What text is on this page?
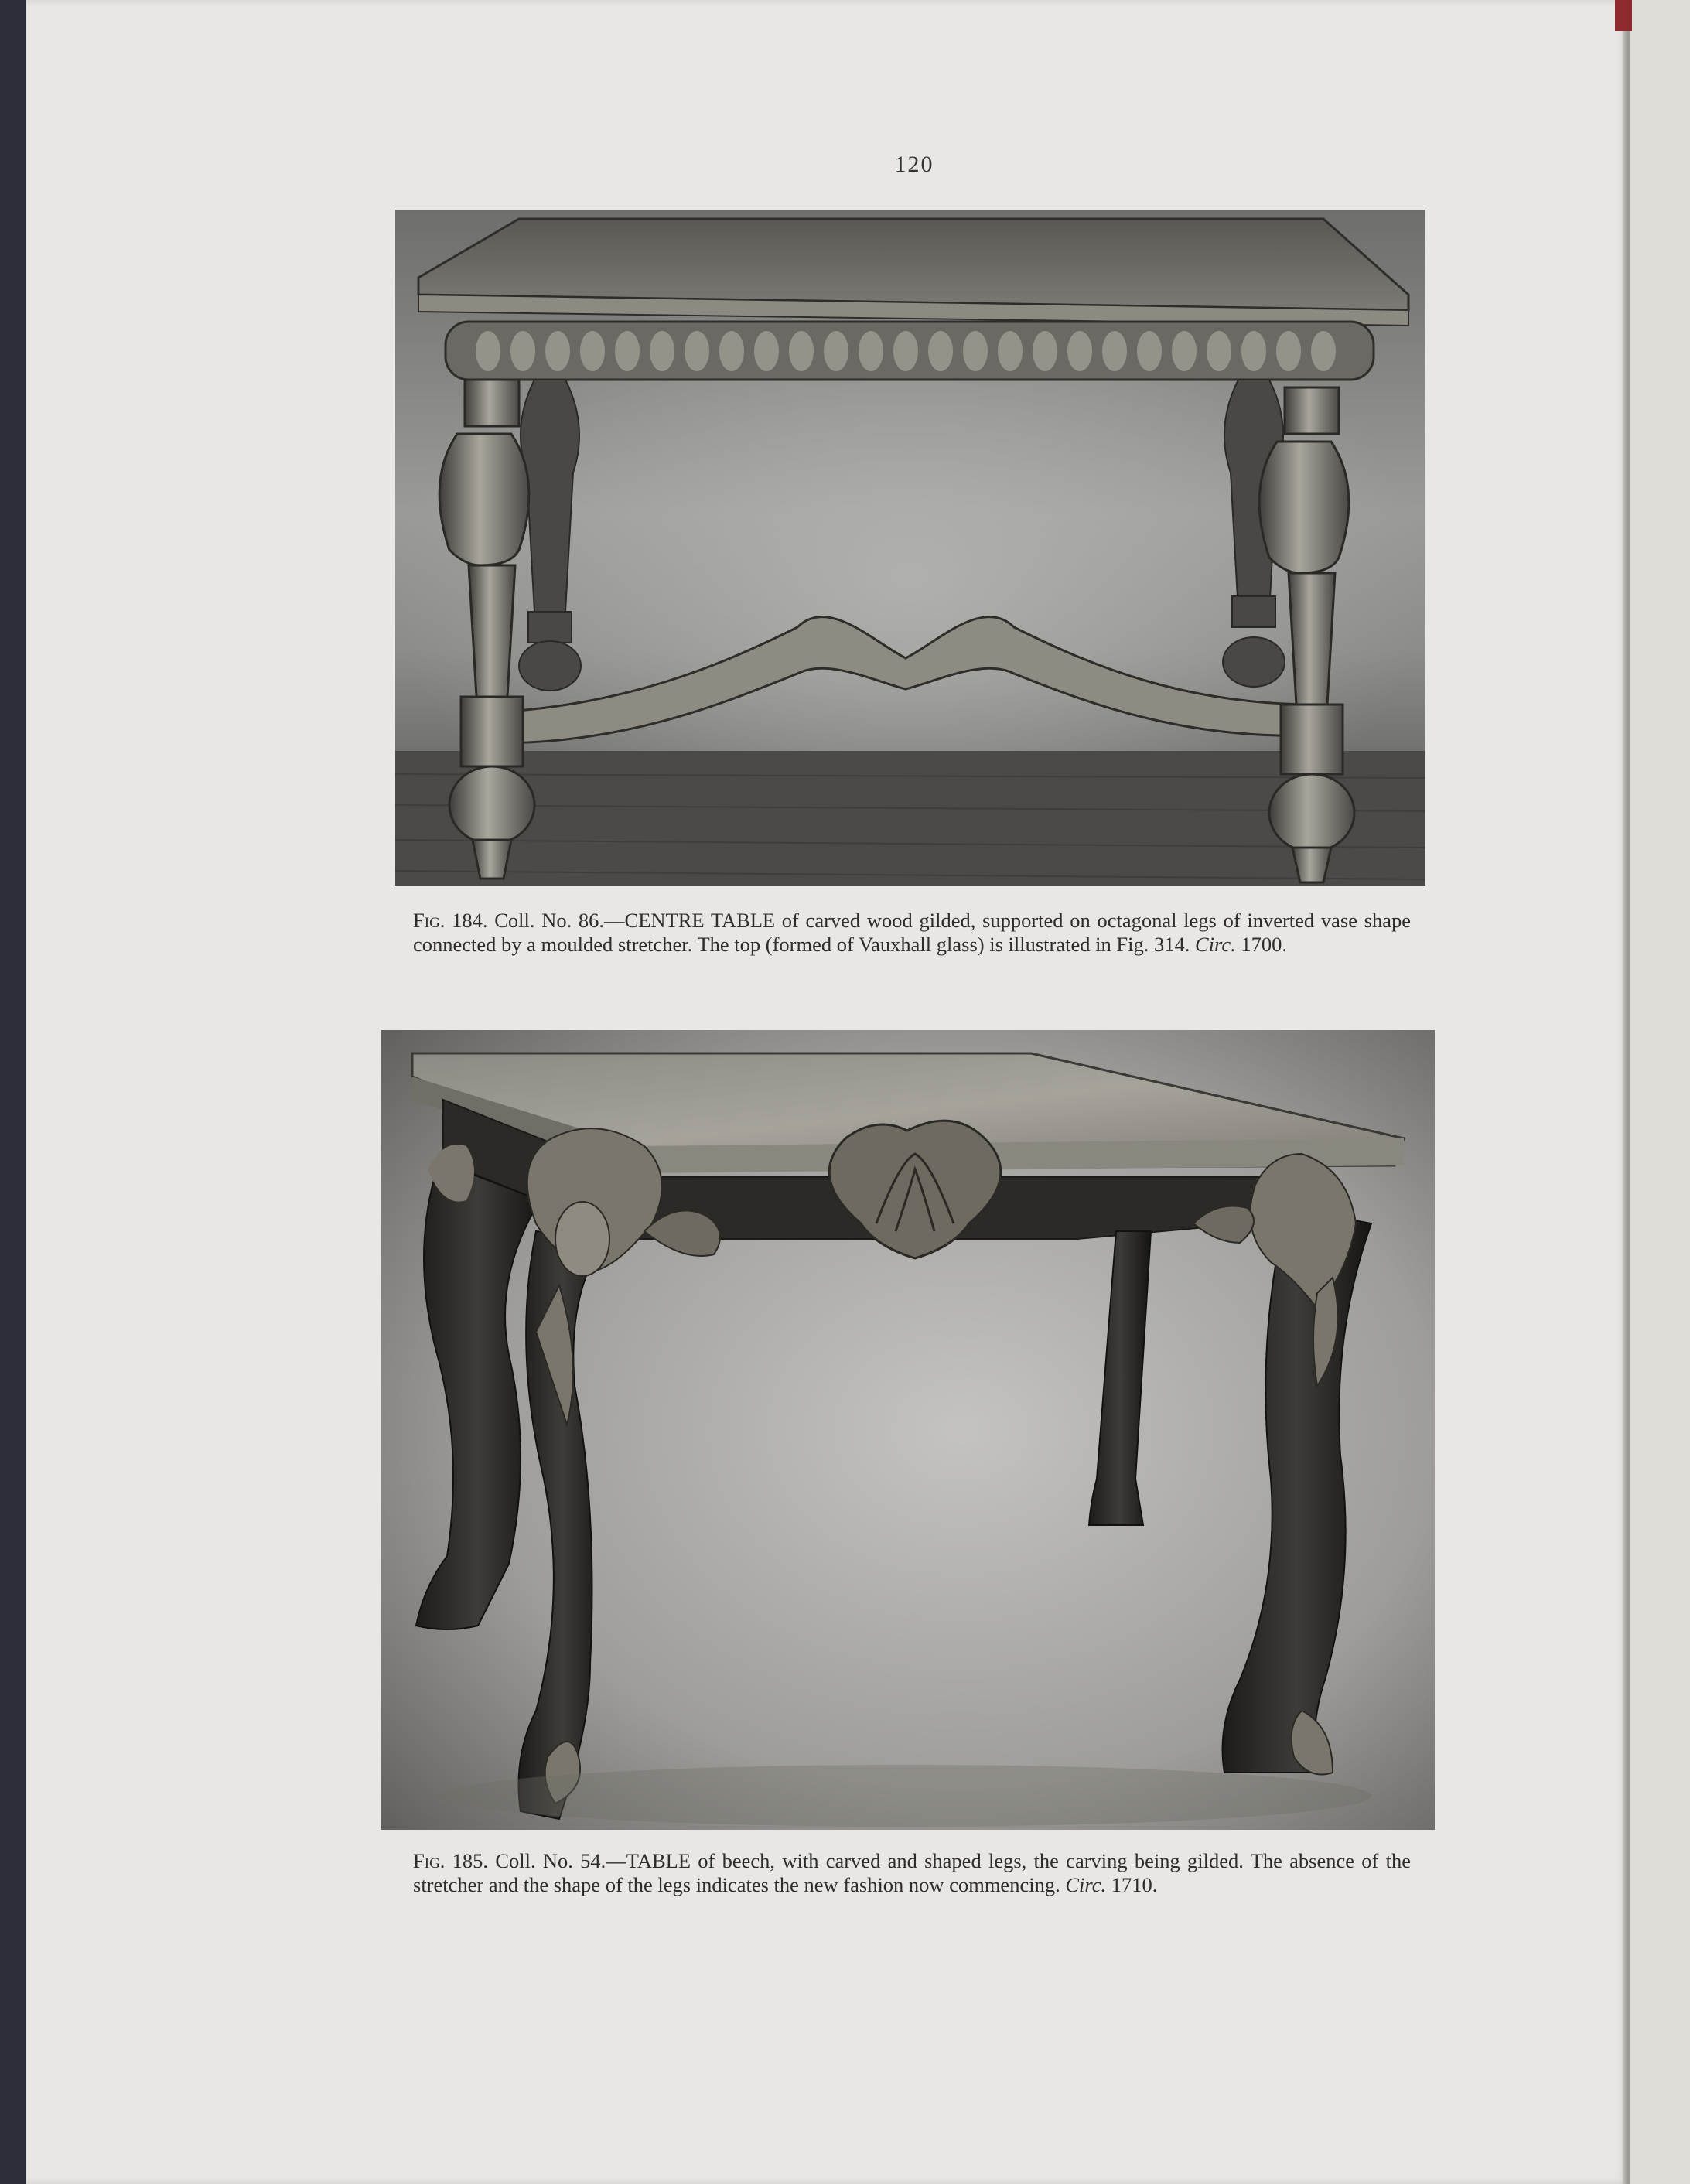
120
Fig. 184. Coll. No. 86.—CENTRE TABLE of carved wood gilded, supported on octagonal legs of inverted vase shape connected by a moulded stretcher. The top (formed of Vauxhall glass) is illustrated in Fig. 314. Circ. 1700.
Fig. 185. Coll. No. 54.—TABLE of beech, with carved and shaped legs, the carving being gilded. The absence of the stretcher and the shape of the legs indicates the new fashion now commencing. Circ. 1710.
